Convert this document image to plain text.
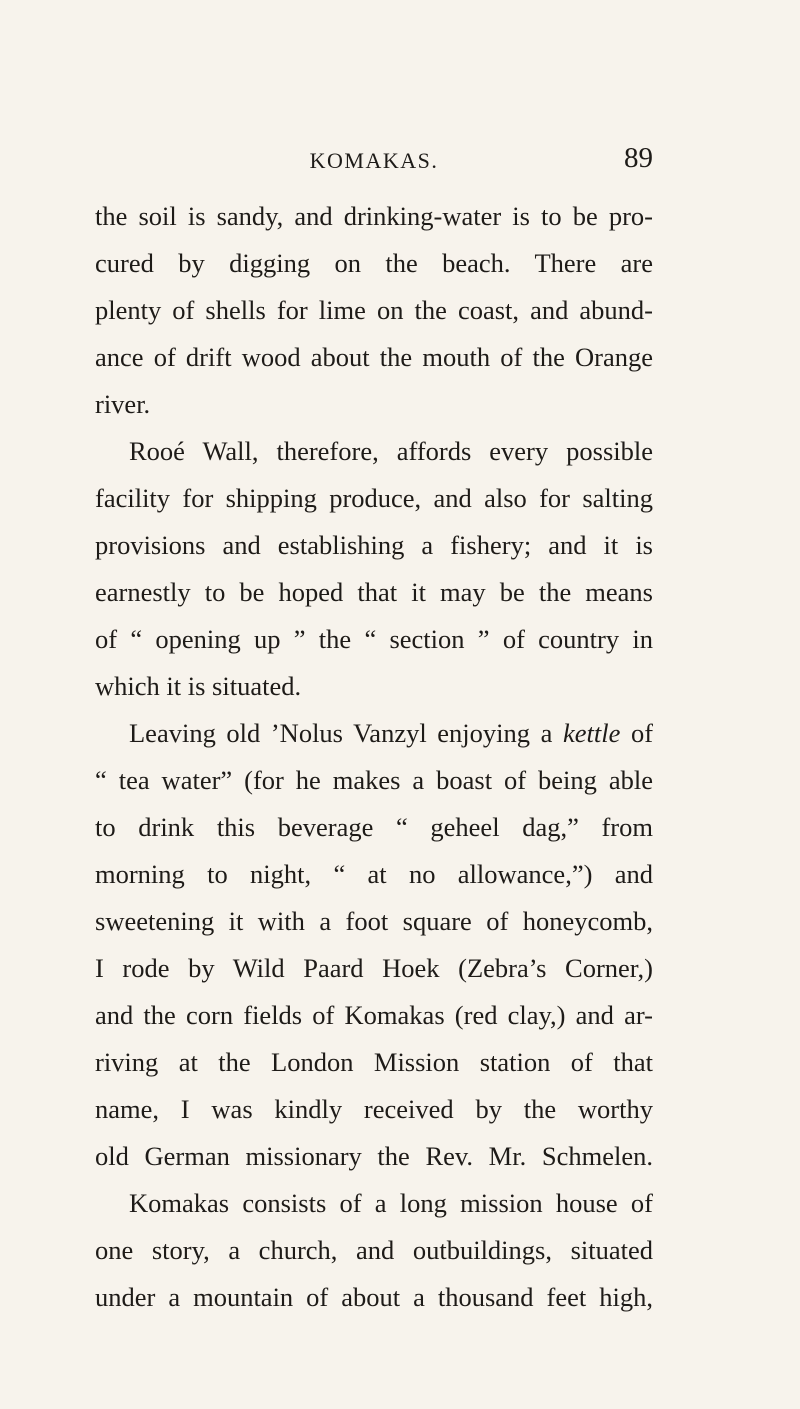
KOMAKAS.	89
the soil is sandy, and drinking-water is to be pro-
cured by digging on the beach. There are
plenty of shells for lime on the coast, and abund-
ance of drift wood about the mouth of the Orange
river.
Rooé Wall, therefore, affords every possible
facility for shipping produce, and also for salting
provisions and establishing a fishery; and it is
earnestly to be hoped that it may be the means
of “ opening up ” the “ section ” of country in
which it is situated.
Leaving old ’Nolus Vanzyl enjoying a kettle of
“ tea water” (for he makes a boast of being able
to drink this beverage “ geheel dag,” from
morning to night, “ at no allowance,”) and
sweetening it with a foot square of honeycomb,
I rode by Wild Paard Hoek (Zebra’s Corner,)
and the corn fields of Komakas (red clay,) and ar-
riving at the London Mission station of that
name, I was kindly received by the worthy
old German missionary the Rev. Mr. Schmelen.
Komakas consists of a long mission house of
one story, a church, and outbuildings, situated
under a mountain of about a thousand feet high,
